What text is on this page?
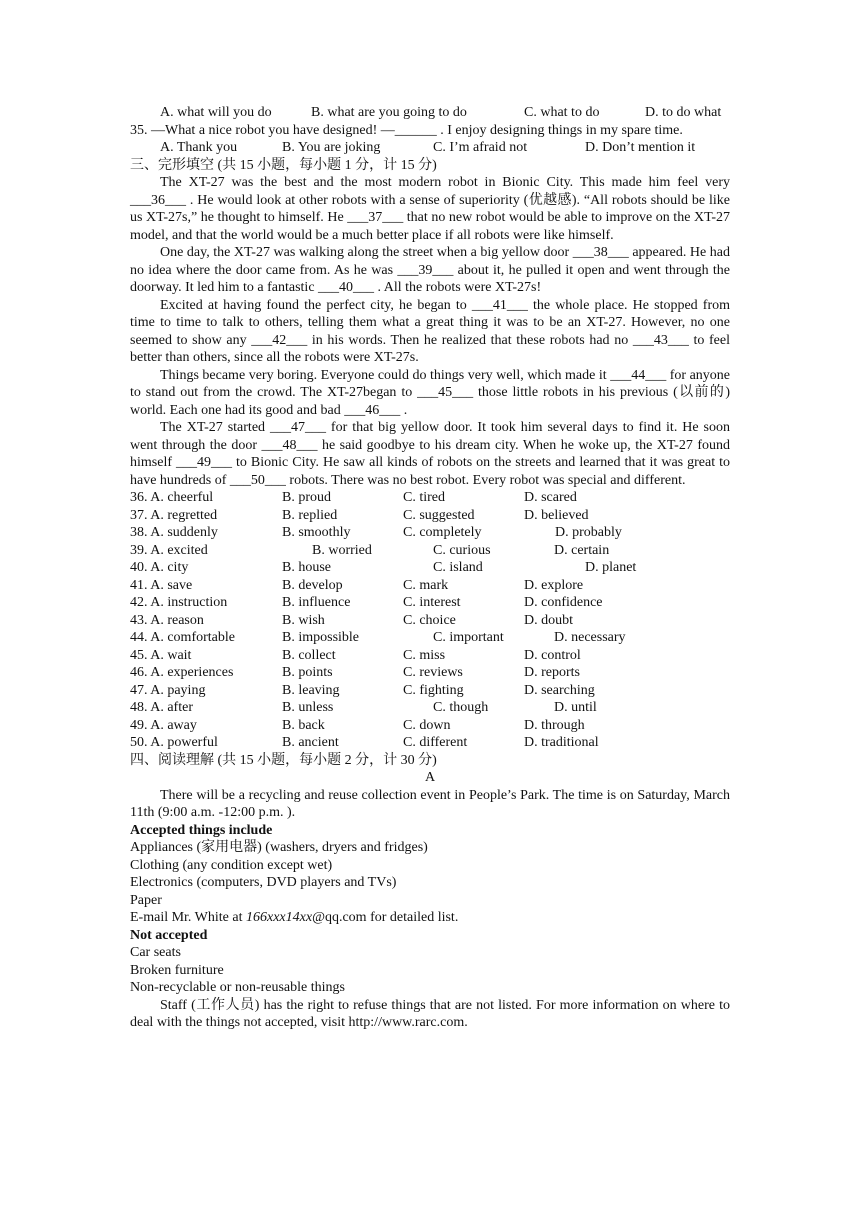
A. what will you do	B. what are you going to do	C. what to do	D. to do what

35. —What a nice robot you have designed! —______ . I enjoy designing things in my spare time.

A. Thank you	B. You are joking	C. I’m afraid not	D. Don’t mention it

三、完形填空 (共 15 小题，每小题 1 分，计 15 分)

The XT-27 was the best and the most modern robot in Bionic City. This made him feel very ___36___ . He would look at other robots with a sense of superiority (优越感). “All robots should be like us XT-27s,” he thought to himself. He ___37___ that no new robot would be able to improve on the XT-27 model, and that the world would be a much better place if all robots were like himself.

One day, the XT-27 was walking along the street when a big yellow door ___38___ appeared. He had no idea where the door came from. As he was ___39___ about it, he pulled it open and went through the doorway. It led him to a fantastic ___40___ . All the robots were XT-27s!

Excited at having found the perfect city, he began to ___41___ the whole place. He stopped from time to time to talk to others, telling them what a great thing it was to be an XT-27. However, no one seemed to show any ___42___ in his words. Then he realized that these robots had no ___43___ to feel better than others, since all the robots were XT-27s.

Things became very boring. Everyone could do things very well, which made it ___44___ for anyone to stand out from the crowd. The XT-27began to ___45___ those little robots in his previous (以前的) world. Each one had its good and bad ___46___ .

The XT-27 started ___47___ for that big yellow door. It took him several days to find it. He soon went through the door ___48___ he said goodbye to his dream city. When he woke up, the XT-27 found himself ___49___ to Bionic City. He saw all kinds of robots on the streets and learned that it was great to have hundreds of ___50___ robots. There was no best robot. Every robot was special and different.

36. A. cheerful	B. proud	C. tired	D. scared
37. A. regretted	B. replied	C. suggested	D. believed
38. A. suddenly	B. smoothly	C. completely	D. probably
39. A. excited	B. worried	C. curious	D. certain
40. A. city	B. house	C. island	D. planet
41. A. save	B. develop	C. mark	D. explore
42. A. instruction	B. influence	C. interest	D. confidence
43. A. reason	B. wish	C. choice	D. doubt
44. A. comfortable	B. impossible	C. important	D. necessary
45. A. wait	B. collect	C. miss	D. control
46. A. experiences	B. points	C. reviews	D. reports
47. A. paying	B. leaving	C. fighting	D. searching
48. A. after	B. unless	C. though	D. until
49. A. away	B. back	C. down	D. through
50. A. powerful	B. ancient	C. different	D. traditional

四、阅读理解 (共 15 小题，每小题 2 分，计 30 分)

A

There will be a recycling and reuse collection event in People’s Park. The time is on Saturday, March 11th (9:00 a.m. -12:00 p.m. ).

Accepted things include

Appliances (家用电器) (washers, dryers and fridges)

Clothing (any condition except wet)

Electronics (computers, DVD players and TVs)

Paper

E-mail Mr. White at 166xxx14xx@qq.com for detailed list.

Not accepted

Car seats

Broken furniture

Non-recyclable or non-reusable things

Staff (工作人员) has the right to refuse things that are not listed. For more information on where to deal with the things not accepted, visit http://www.rarc.com.
